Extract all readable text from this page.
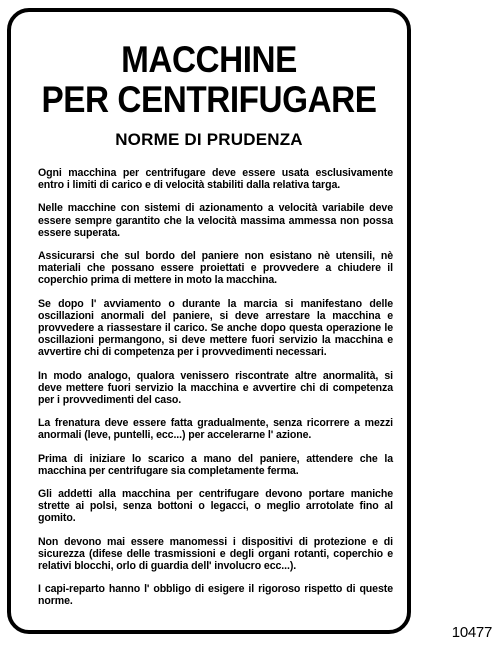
MACCHINE
PER CENTRIFUGARE
NORME DI PRUDENZA

Ogni macchina per centrifugare deve essere usata esclusivamente entro i limiti di carico e di velocità stabiliti dalla relativa targa.

Nelle macchine con sistemi di azionamento a velocità variabile deve essere sempre garantito che la velocità massima ammessa non possa essere superata.

Assicurarsi che sul bordo del paniere non esistano nè utensili, nè materiali che possano essere proiettati e provvedere a chiudere il coperchio prima di mettere in moto la macchina.

Se dopo l' avviamento o durante la marcia si manifestano delle oscillazioni anormali del paniere, si deve arrestare la macchina e provvedere a riassestare il carico. Se anche dopo questa operazione le oscillazioni permangono, si deve mettere fuori servizio la macchina e avvertire chi di competenza per i provvedimenti necessari.

In modo analogo, qualora venissero riscontrate altre anormalità, si deve mettere fuori servizio la macchina e avvertire chi di competenza per i provvedimenti del caso.

La frenatura deve essere fatta gradualmente, senza ricorrere a mezzi anormali (leve, puntelli, ecc...) per accelerarne l' azione.

Prima di iniziare lo scarico a mano del paniere, attendere che la macchina per centrifugare sia completamente ferma.

Gli addetti alla macchina per centrifugare devono portare maniche strette ai polsi, senza bottoni o legacci, o meglio arrotolate fino al gomito.

Non devono mai essere manomessi i dispositivi di protezione e di sicurezza (difese delle trasmissioni e degli organi rotanti, coperchio e relativi blocchi, orlo di guardia dell' involucro ecc...).

I capi-reparto hanno l' obbligo di esigere il rigoroso rispetto di queste norme.

10477
